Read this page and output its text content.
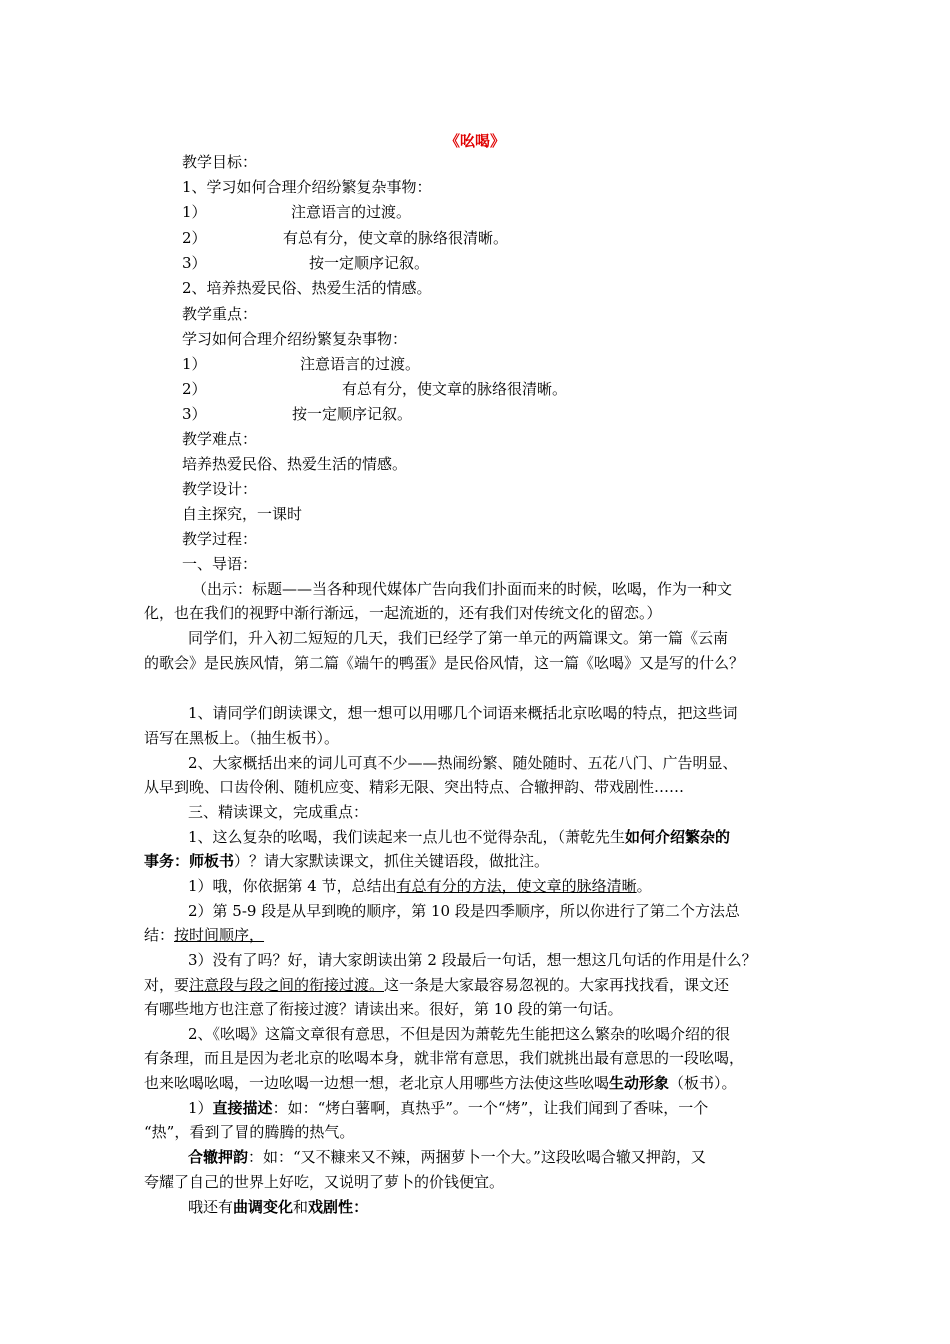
《吆喝》
教学目标：
1、学习如何合理介绍纷繁复杂事物：
1）	注意语言的过渡。
2）	有总有分，使文章的脉络很清晰。
3）	按一定顺序记叙。
2、培养热爱民俗、热爱生活的情感。
教学重点：
学习如何合理介绍纷繁复杂事物：
1）	注意语言的过渡。
2）	有总有分，使文章的脉络很清晰。
3）	按一定顺序记叙。
教学难点：
培养热爱民俗、热爱生活的情感。
教学设计：
自主探究，一课时
教学过程：
一、导语：
（出示：标题——当各种现代媒体广告向我们扑面而来的时候，吆喝，作为一种文
化，也在我们的视野中渐行渐远，一起流逝的，还有我们对传统文化的留恋。）
同学们，升入初二短短的几天，我们已经学了第一单元的两篇课文。第一篇《云南
的歌会》是民族风情，第二篇《端午的鸭蛋》是民俗风情，这一篇《吆喝》又是写的什么？
1、请同学们朗读课文，想一想可以用哪几个词语来概括北京吆喝的特点，把这些词
语写在黑板上。（抽生板书）。
2、大家概括出来的词儿可真不少——热闹纷繁、随处随时、五花八门、广告明显、
从早到晚、口齿伶俐、随机应变、精彩无限、突出特点、合辙押韵、带戏剧性……
三、精读课文，完成重点：
1、这么复杂的吆喝，我们读起来一点儿也不觉得杂乱，（萧乾先生如何介绍繁杂的
事务：师板书）？请大家默读课文，抓住关键语段，做批注。
1）哦，你依据第 4 节，总结出有总有分的方法，使文章的脉络清晰。
2）第 5-9 段是从早到晚的顺序，第 10 段是四季顺序，所以你进行了第二个方法总
结：按时间顺序，
3）没有了吗？好，请大家朗读出第 2 段最后一句话，想一想这几句话的作用是什么？
对，要注意段与段之间的衔接过渡。这一条是大家最容易忽视的。大家再找找看，课文还
有哪些地方也注意了衔接过渡？请读出来。很好，第 10 段的第一句话。
2、《吆喝》这篇文章很有意思，不但是因为萧乾先生能把这么繁杂的吆喝介绍的很
有条理，而且是因为老北京的吆喝本身，就非常有意思，我们就挑出最有意思的一段吆喝，
也来吆喝吆喝，一边吆喝一边想一想，老北京人用哪些方法使这些吆喝生动形象（板书）。
1）直接描述：如：“烤白薯啊，真热乎”。一个“烤”，让我们闻到了香味，一个
“热”，看到了冒的腾腾的热气。
合辙押韵：如：“又不糠来又不辣，两捆萝卜一个大。”这段吆喝合辙又押韵，又
夸耀了自己的世界上好吃，又说明了萝卜的价钱便宜。
哦还有曲调变化和戏剧性：
